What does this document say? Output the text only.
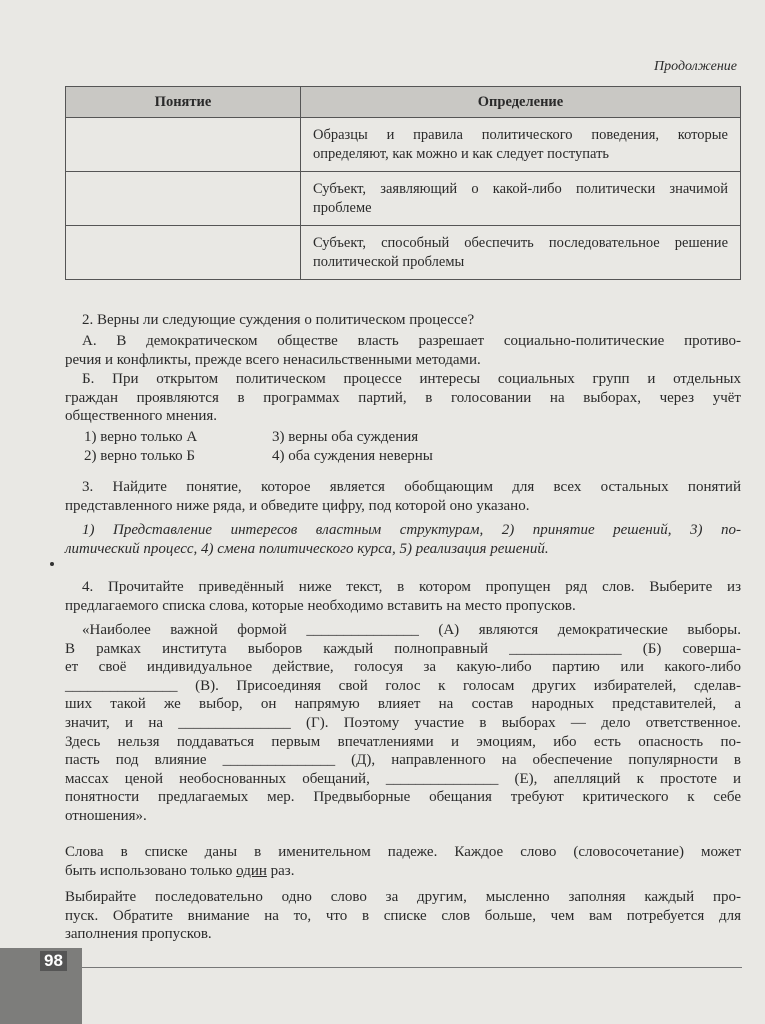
Продолжение
Понятие	Определение
	Образцы и правила политического поведения, которые определяют, как можно и как следует поступать
	Субъект, заявляющий о какой-либо политически значимой проблеме
	Субъект, способный обеспечить последовательное решение политической проблемы
2. Верны ли следующие суждения о политическом процессе?
А. В демократическом обществе власть разрешает социально-политические противо-
речия и конфликты, прежде всего ненасильственными методами.
Б. При открытом политическом процессе интересы социальных групп и отдельных
граждан проявляются в программах партий, в голосовании на выборах, через учёт
общественного мнения.
1) верно только А	3) верны оба суждения
2) верно только Б	4) оба суждения неверны
3. Найдите понятие, которое является обобщающим для всех остальных понятий
представленного ниже ряда, и обведите цифру, под которой оно указано.
1) Представление интересов властным структурам, 2) принятие решений, 3) по-
литический процесс, 4) смена политического курса, 5) реализация решений.
4. Прочитайте приведённый ниже текст, в котором пропущен ряд слов. Выберите из
предлагаемого списка слова, которые необходимо вставить на место пропусков.
«Наиболее важной формой _______________ (А) являются демократические выборы.
В рамках института выборов каждый полноправный _______________ (Б) соверша-
ет своё индивидуальное действие, голосуя за какую-либо партию или какого-либо
_______________ (В). Присоединяя свой голос к голосам других избирателей, сделав-
ших такой же выбор, он напрямую влияет на состав народных представителей, а
значит, и на _______________ (Г). Поэтому участие в выборах — дело ответственное.
Здесь нельзя поддаваться первым впечатлениями и эмоциям, ибо есть опасность по-
пасть под влияние _______________ (Д), направленного на обеспечение популярности в
массах ценой необоснованных обещаний, _______________ (Е), апелляций к простоте и
понятности предлагаемых мер. Предвыборные обещания требуют критического к себе
отношения».
Слова в списке даны в именительном падеже. Каждое слово (словосочетание) может
быть использовано только один раз.
Выбирайте последовательно одно слово за другим, мысленно заполняя каждый про-
пуск. Обратите внимание на то, что в списке слов больше, чем вам потребуется для
заполнения пропусков.
98
